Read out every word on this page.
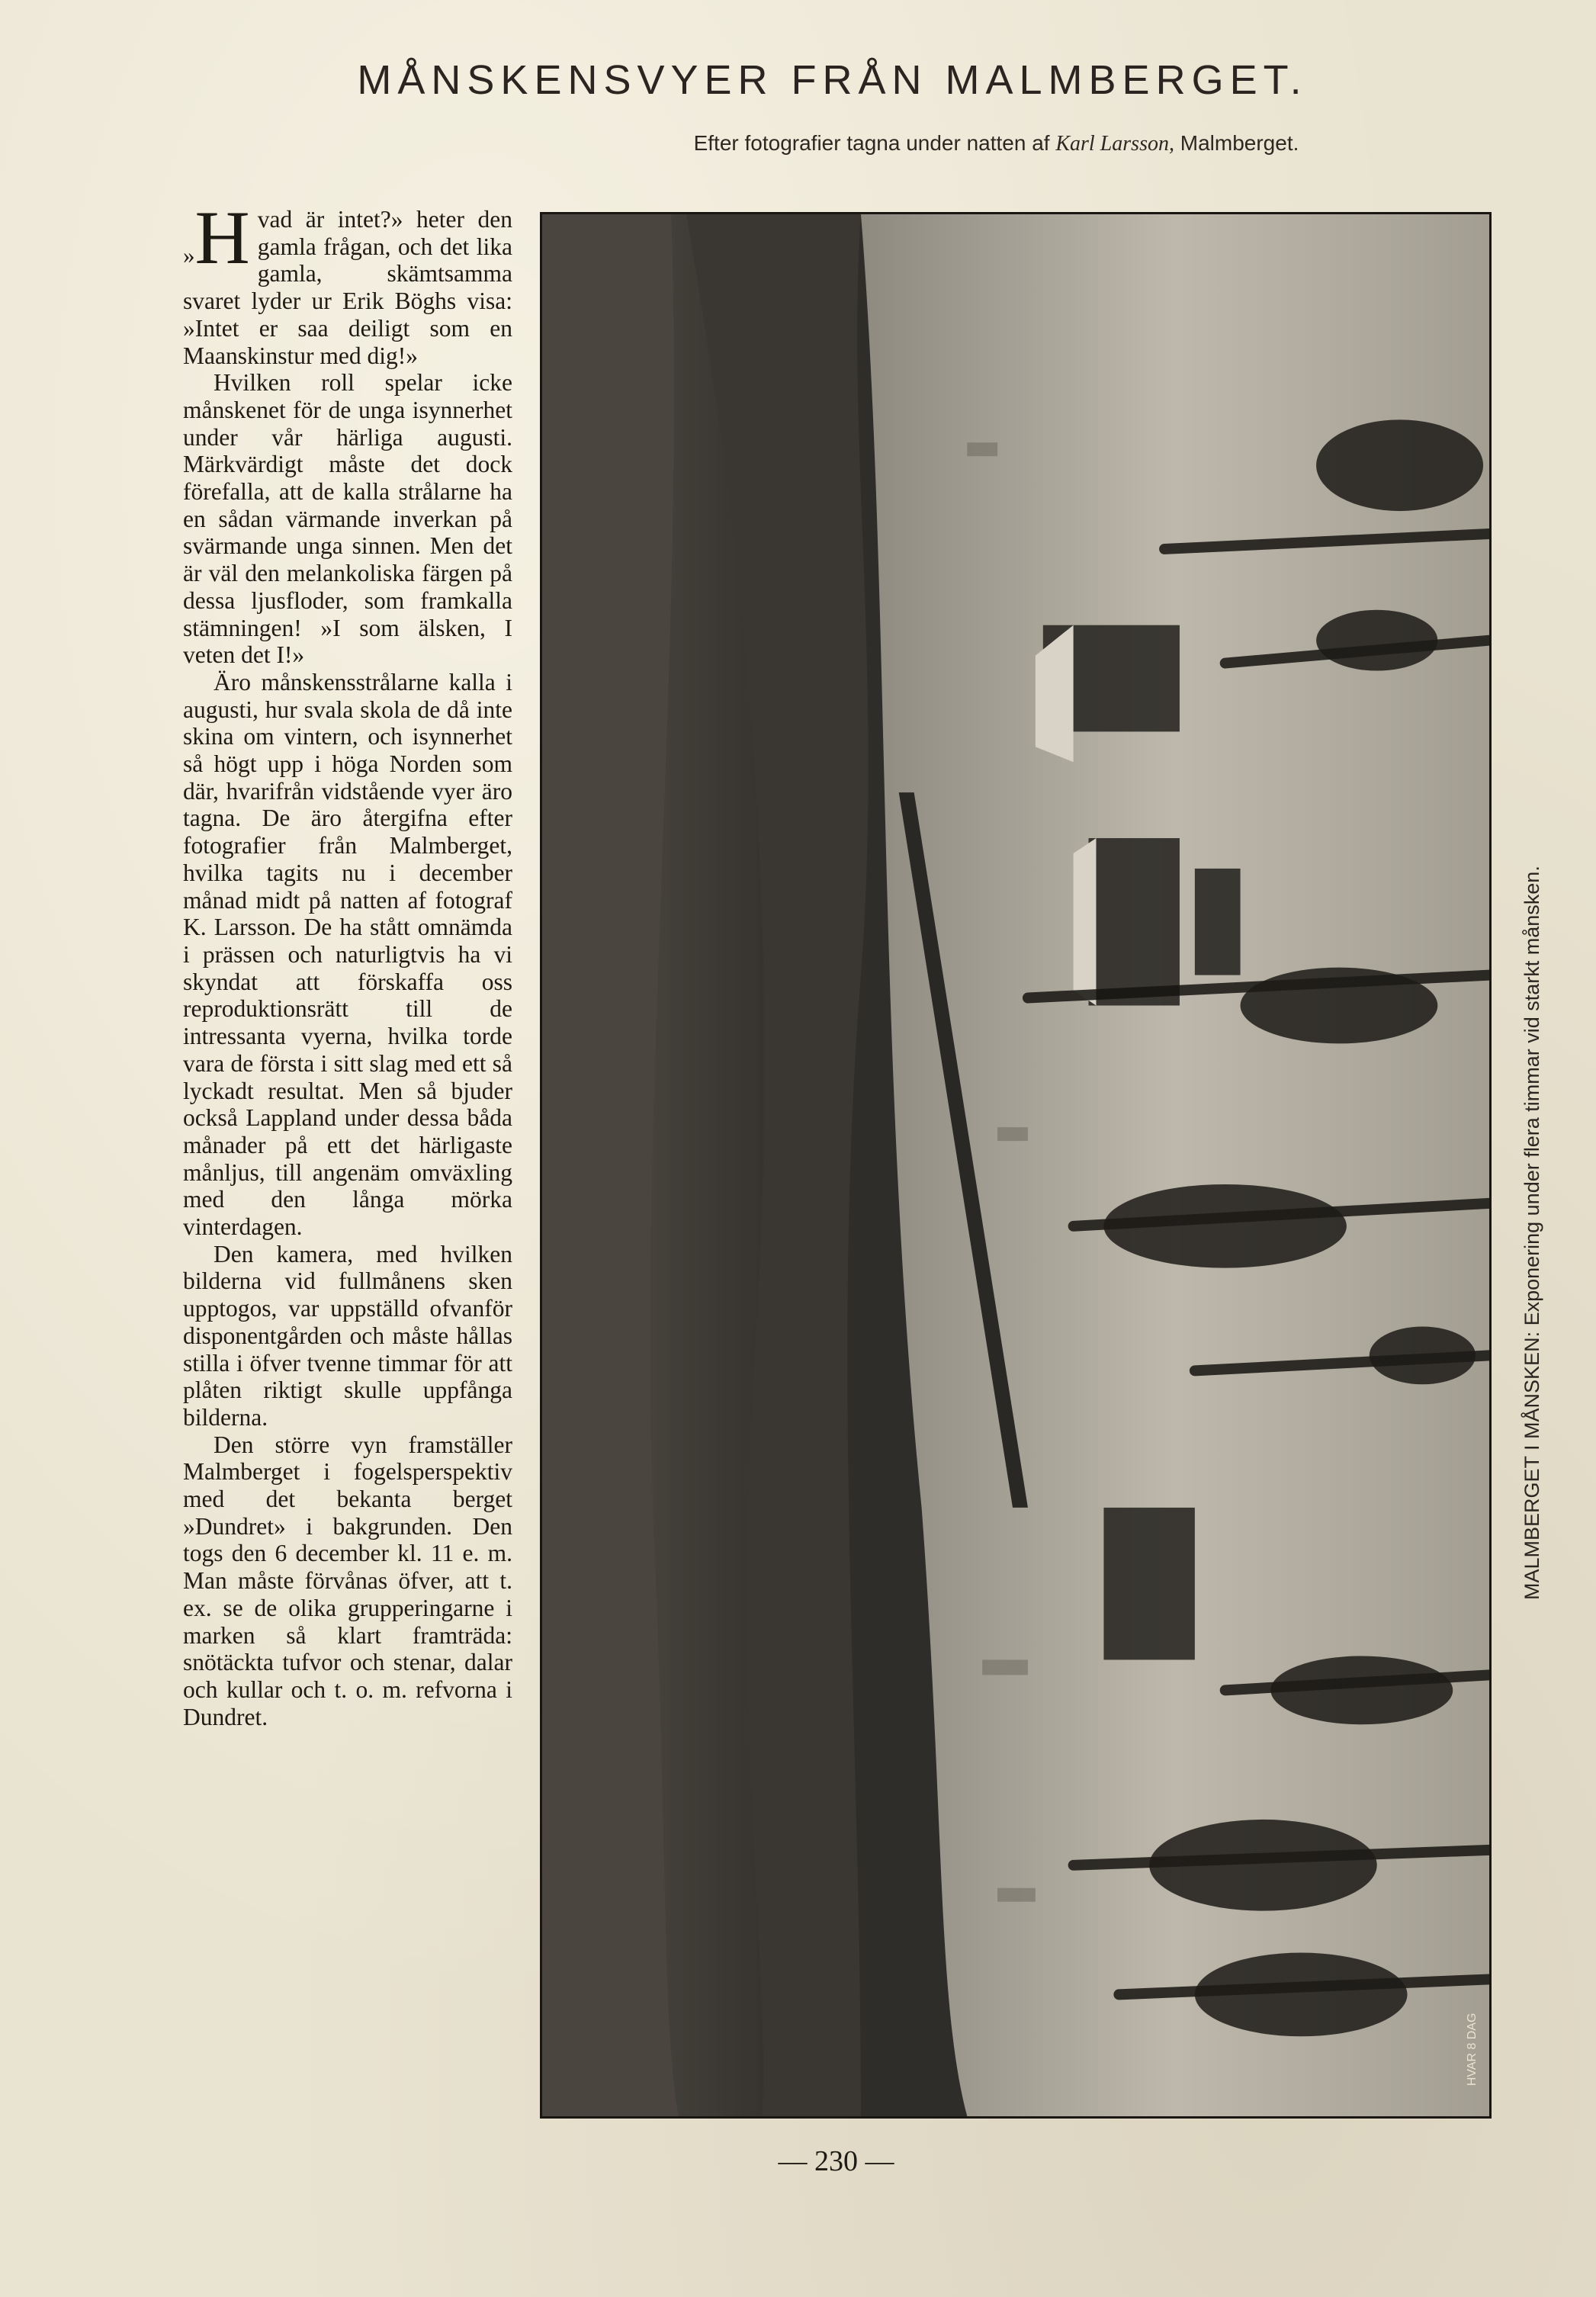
MÅNSKENSVYER FRÅN MALMBERGET.
Efter fotografier tagna under natten af Karl Larsson, Malmberget.

»H vad är intet?» heter den gamla frågan, och det lika gamla, skämtsamma svaret lyder ur Erik Böghs visa: »Intet er saa deiligt som en Maanskinstur med dig!»

Hvilken roll spelar icke månskenet för de unga isynnerhet under vår härliga augusti. Märkvärdigt måste det dock förefalla, att de kalla strålarne ha en sådan värmande inverkan på svärmande unga sinnen. Men det är väl den melankoliska färgen på dessa ljusfloder, som framkalla stämningen! »I som älsken, I veten det I!»

Äro månskensstrålarne kalla i augusti, hur svala skola de då inte skina om vintern, och isynnerhet så högt upp i höga Norden som där, hvarifrån vidstående vyer äro tagna. De äro återgifna efter fotografier från Malmberget, hvilka tagits nu i december månad midt på natten af fotograf K. Larsson. De ha stått omnämda i prässen och naturligtvis ha vi skyndat att förskaffa oss reproduktionsrätt till de intressanta vyerna, hvilka torde vara de första i sitt slag med ett så lyckadt resultat. Men så bjuder också Lappland under dessa båda månader på ett det härligaste månljus, till angenäm omväxling med den långa mörka vinterdagen.

Den kamera, med hvilken bilderna vid fullmånens sken upptogos, var uppställd ofvanför disponentgården och måste hållas stilla i öfver tvenne timmar för att plåten riktigt skulle uppfånga bilderna.

Den större vyn framställer Malmberget i fogelsperspektiv med det bekanta berget »Dundret» i bakgrunden. Den togs den 6 december kl. 11 e. m. Man måste förvånas öfver, att t. ex. se de olika grupperingarne i marken så klart framträda: snötäckta tufvor och stenar, dalar och kullar och t. o. m. refvorna i Dundret.

HVAR 8 DAG
MALMBERGET I MÅNSKEN: Exponering under flera timmar vid starkt månsken.
— 230 —
